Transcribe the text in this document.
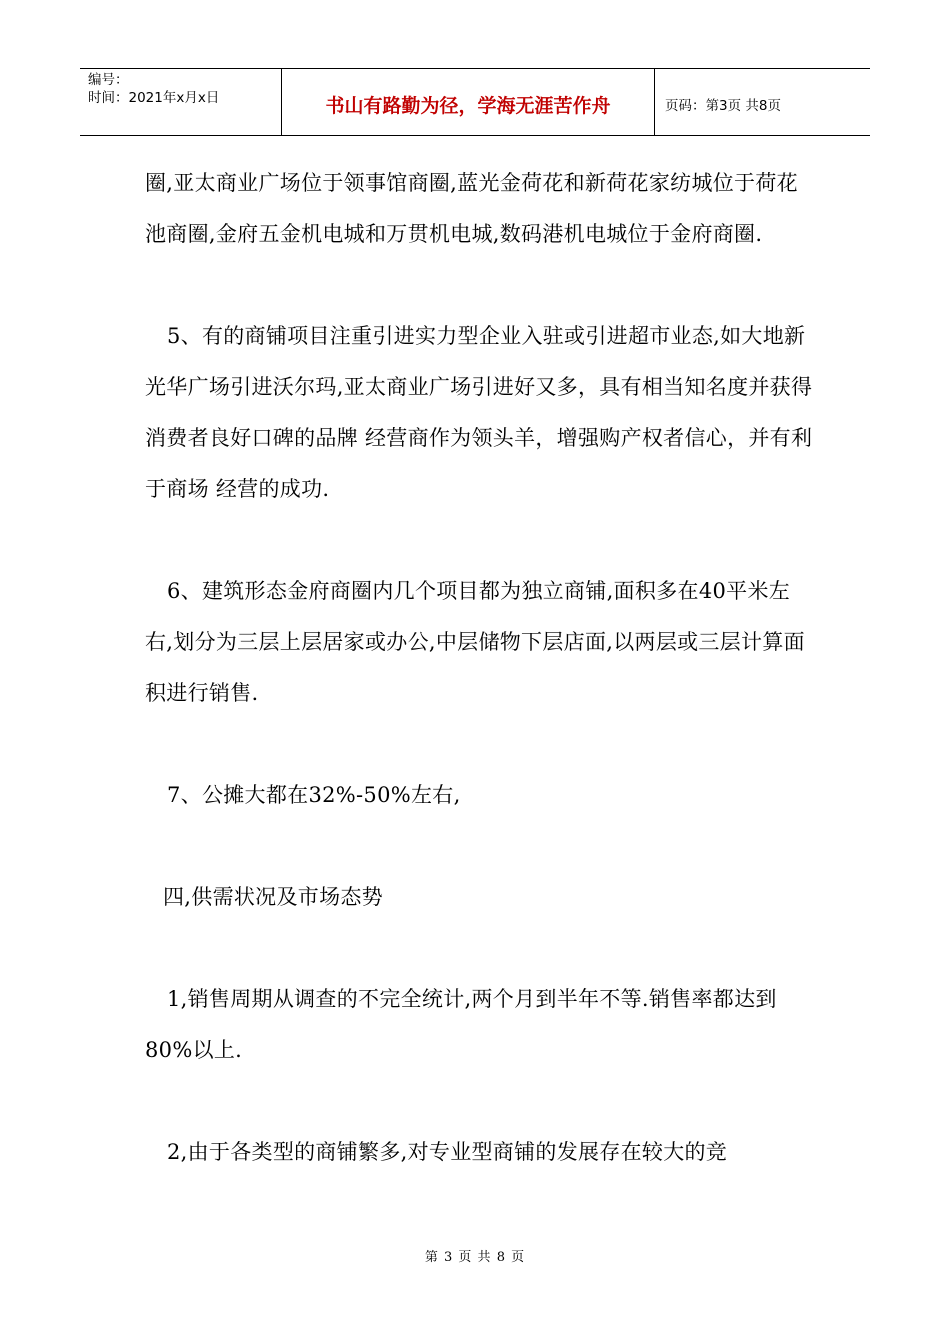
编号：
时间：2021年x月x日	书山有路勤为径，学海无涯苦作舟	页码：第3页 共8页

圈,亚太商业广场位于领事馆商圈,蓝光金荷花和新荷花家纺城位于荷花池商圈,金府五金机电城和万贯机电城,数码港机电城位于金府商圈.

5、有的商铺项目注重引进实力型企业入驻或引进超市业态,如大地新光华广场引进沃尔玛,亚太商业广场引进好又多，具有相当知名度并获得消费者良好口碑的品牌 经营商作为领头羊，增强购产权者信心，并有利于商场 经营的成功.

6、建筑形态金府商圈内几个项目都为独立商铺,面积多在40平米左右,划分为三层上层居家或办公,中层储物下层店面,以两层或三层计算面积进行销售.

7、公摊大都在32%-50%左右,

四,供需状况及市场态势

1,销售周期从调查的不完全统计,两个月到半年不等.销售率都达到80%以上.

2,由于各类型的商铺繁多,对专业型商铺的发展存在较大的竞

第 3 页 共 8 页
